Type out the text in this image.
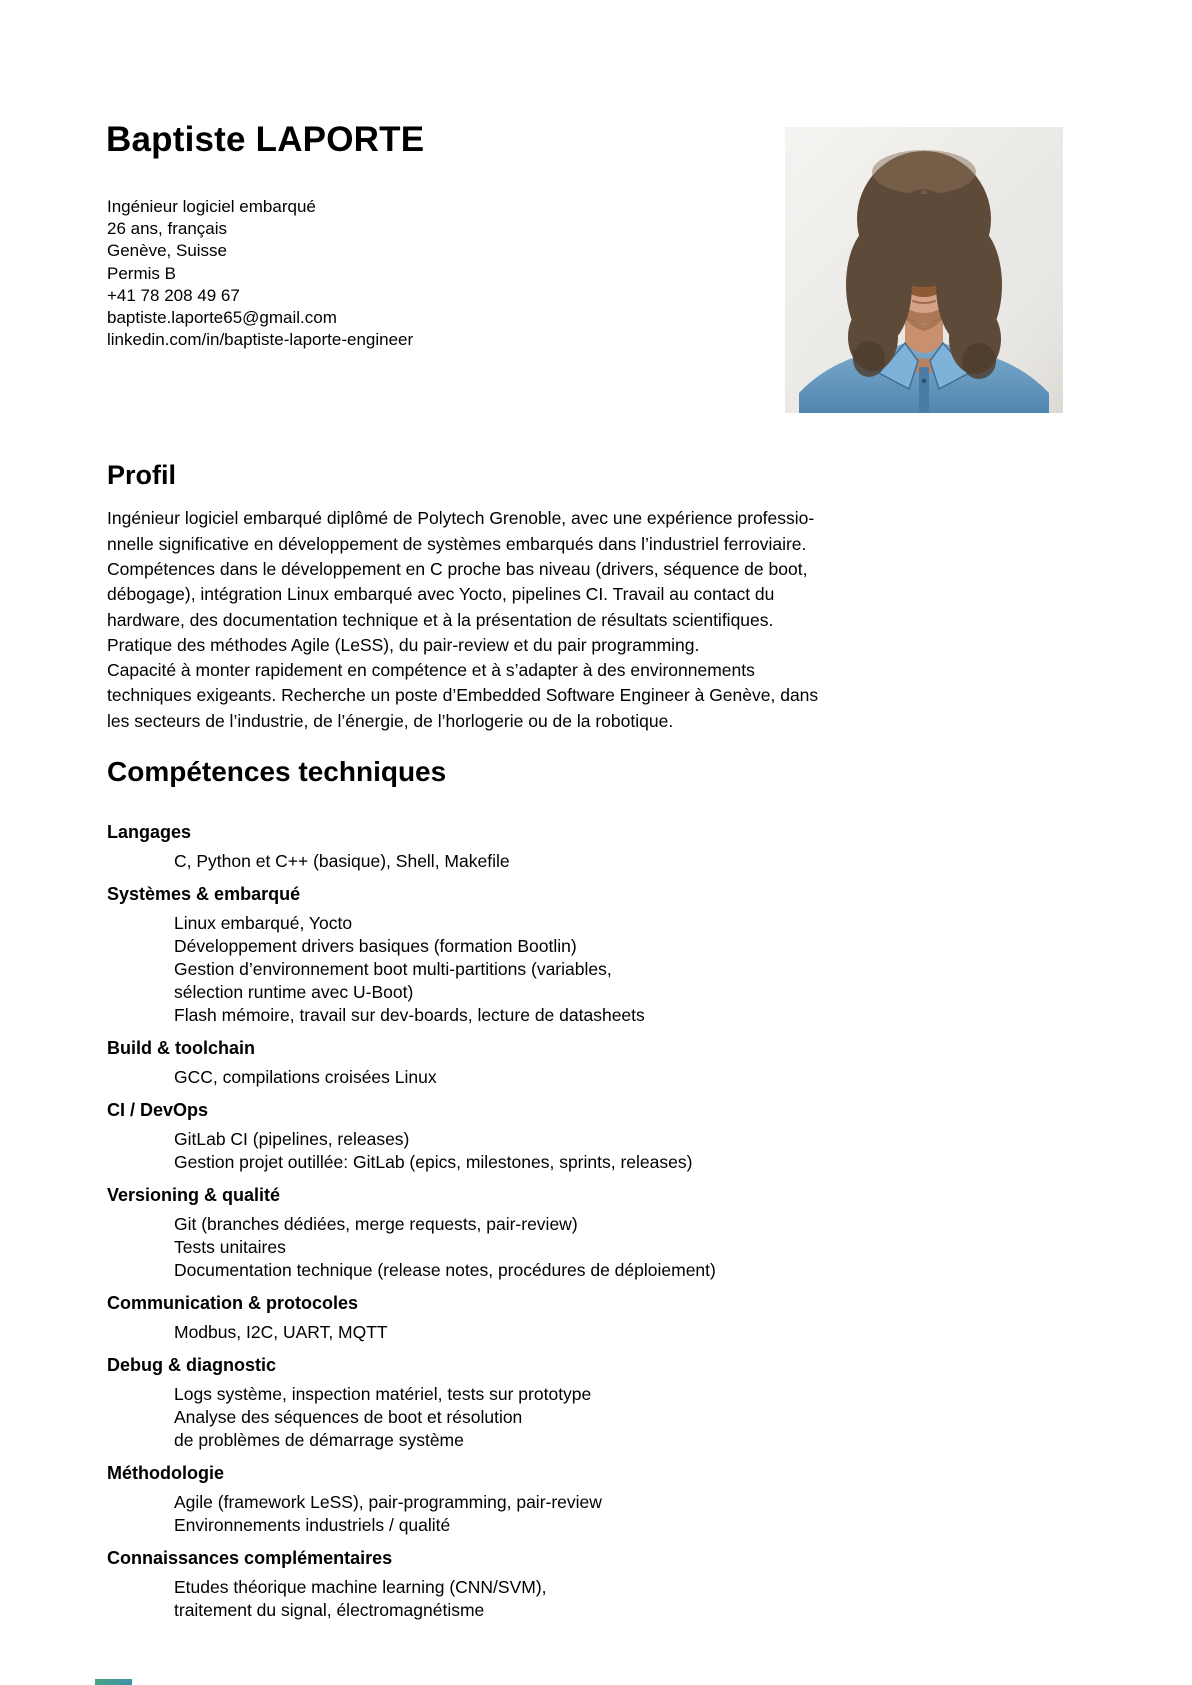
Baptiste LAPORTE
Ingénieur logiciel embarqué
26 ans, français
Genève, Suisse
Permis B
+41 78 208 49 67
baptiste.laporte65@gmail.com
linkedin.com/in/baptiste-laporte-engineer
Profil
Ingénieur logiciel embarqué diplômé de Polytech Grenoble, avec une expérience professio-
nnelle significative en développement de systèmes embarqués dans l’industriel ferroviaire.
Compétences dans le développement en C proche bas niveau (drivers, séquence de boot,
débogage), intégration Linux embarqué avec Yocto, pipelines CI. Travail au contact du
hardware, des documentation technique et à la présentation de résultats scientifiques.
Pratique des méthodes Agile (LeSS), du pair-review et du pair programming.
Capacité à monter rapidement en compétence et à s’adapter à des environnements
techniques exigeants. Recherche un poste d’Embedded Software Engineer à Genève, dans
les secteurs de l’industrie, de l’énergie, de l’horlogerie ou de la robotique.
Compétences techniques
Langages
C, Python et C++ (basique), Shell, Makefile
Systèmes & embarqué
Linux embarqué, Yocto
Développement drivers basiques (formation Bootlin)
Gestion d’environnement boot multi-partitions (variables,
sélection runtime avec U-Boot)
Flash mémoire, travail sur dev-boards, lecture de datasheets
Build & toolchain
GCC, compilations croisées Linux
CI / DevOps
GitLab CI (pipelines, releases)
Gestion projet outillée: GitLab (epics, milestones, sprints, releases)
Versioning & qualité
Git (branches dédiées, merge requests, pair-review)
Tests unitaires
Documentation technique (release notes, procédures de déploiement)
Communication & protocoles
Modbus, I2C, UART, MQTT
Debug & diagnostic
Logs système, inspection matériel, tests sur prototype
Analyse des séquences de boot et résolution
de problèmes de démarrage système
Méthodologie
Agile (framework LeSS), pair-programming, pair-review
Environnements industriels / qualité
Connaissances complémentaires
Etudes théorique machine learning (CNN/SVM),
traitement du signal, électromagnétisme
